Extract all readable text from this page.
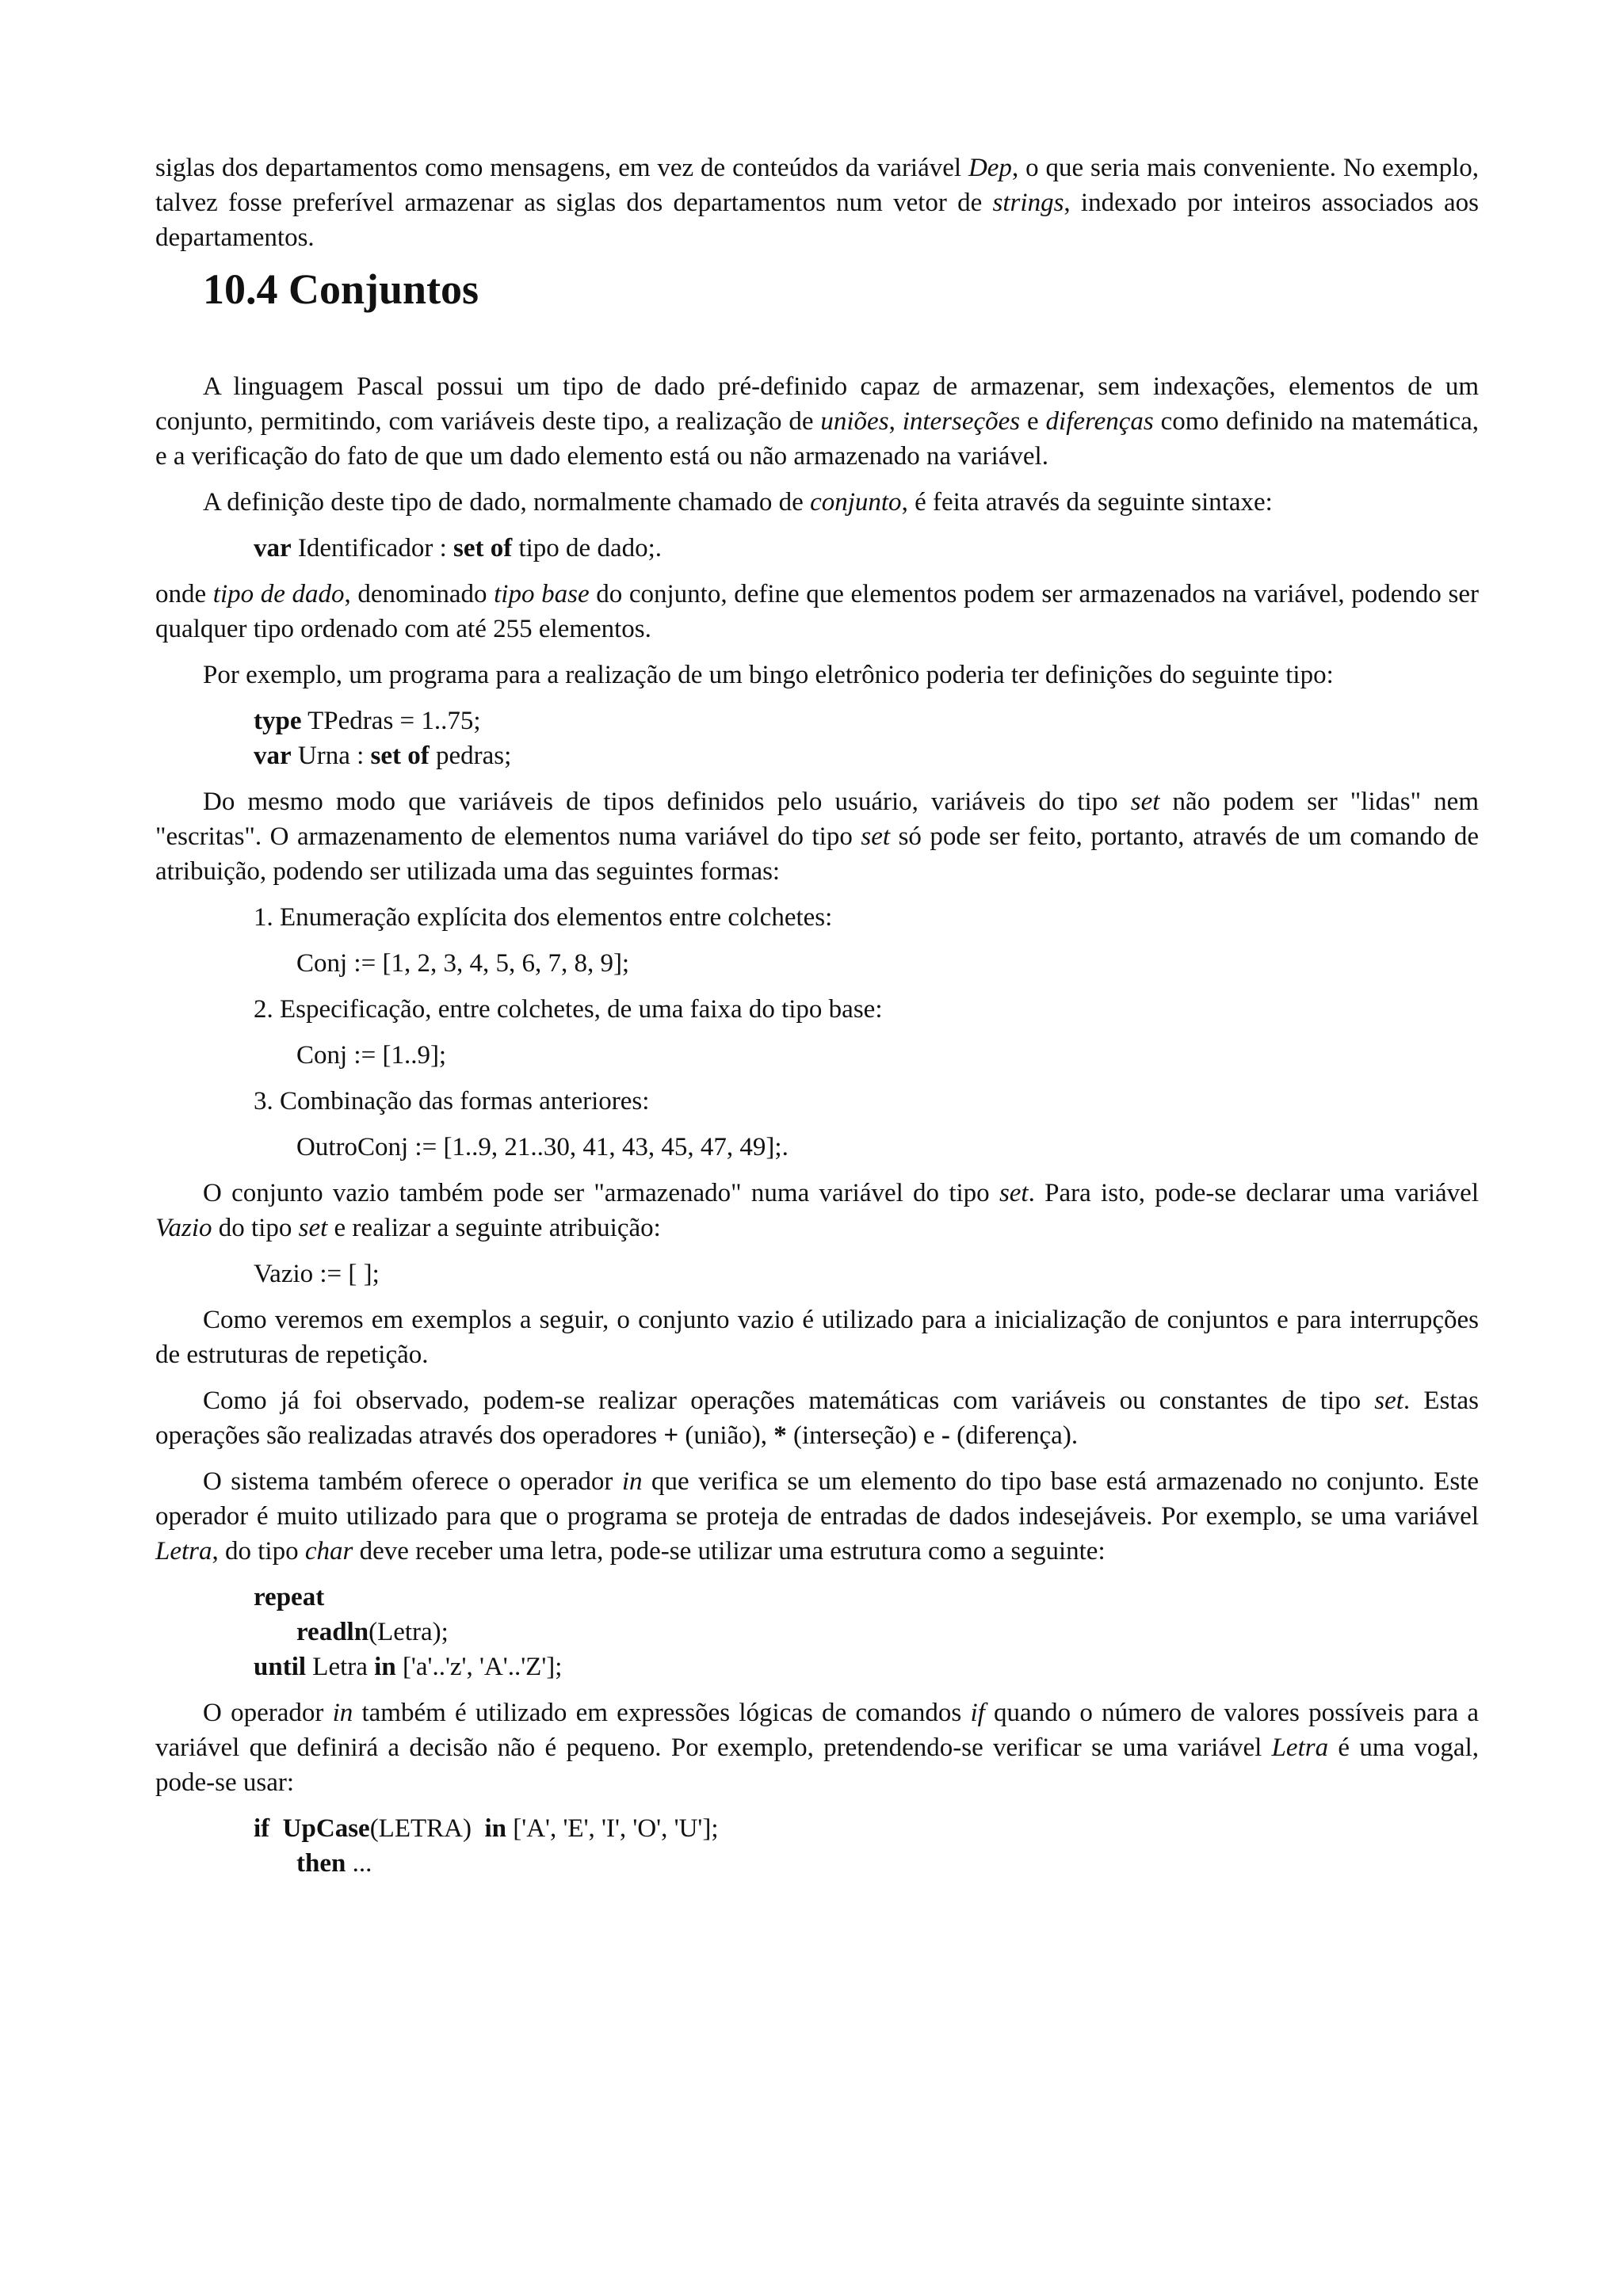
siglas dos departamentos como mensagens, em vez de conteúdos da variável Dep, o que seria mais conveniente. No exemplo, talvez fosse preferível armazenar as siglas dos departamentos num vetor de strings, indexado por inteiros associados aos departamentos.

10.4 Conjuntos

A linguagem Pascal possui um tipo de dado pré-definido capaz de armazenar, sem indexações, elementos de um conjunto, permitindo, com variáveis deste tipo, a realização de uniões, interseções e diferenças como definido na matemática, e a verificação do fato de que um dado elemento está ou não armazenado na variável.

A definição deste tipo de dado, normalmente chamado de conjunto, é feita através da seguinte sintaxe:

var Identificador : set of tipo de dado;.

onde tipo de dado, denominado tipo base do conjunto, define que elementos podem ser armazenados na variável, podendo ser qualquer tipo ordenado com até 255 elementos.

Por exemplo, um programa para a realização de um bingo eletrônico poderia ter definições do seguinte tipo:

type TPedras = 1..75;

var Urna : set of pedras;

Do mesmo modo que variáveis de tipos definidos pelo usuário, variáveis do tipo set não podem ser "lidas" nem "escritas". O armazenamento de elementos numa variável do tipo set só pode ser feito, portanto, através de um comando de atribuição, podendo ser utilizada uma das seguintes formas:

1. Enumeração explícita dos elementos entre colchetes:

Conj := [1, 2, 3, 4, 5, 6, 7, 8, 9];

2. Especificação, entre colchetes, de uma faixa do tipo base:

Conj := [1..9];

3. Combinação das formas anteriores:

OutroConj := [1..9, 21..30, 41, 43, 45, 47, 49];.

O conjunto vazio também pode ser "armazenado" numa variável do tipo set. Para isto, pode-se declarar uma variável Vazio do tipo set e realizar a seguinte atribuição:

Vazio := [ ];

Como veremos em exemplos a seguir, o conjunto vazio é utilizado para a inicialização de conjuntos e para interrupções de estruturas de repetição.

Como já foi observado, podem-se realizar operações matemáticas com variáveis ou constantes de tipo set. Estas operações são realizadas através dos operadores + (união), * (interseção) e - (diferença).

O sistema também oferece o operador in que verifica se um elemento do tipo base está armazenado no conjunto. Este operador é muito utilizado para que o programa se proteja de entradas de dados indesejáveis. Por exemplo, se uma variável Letra, do tipo char deve receber uma letra, pode-se utilizar uma estrutura como a seguinte:

repeat

readln(Letra);

until Letra in ['a'..'z', 'A'..'Z'];

O operador in também é utilizado em expressões lógicas de comandos if quando o número de valores possíveis para a variável que definirá a decisão não é pequeno. Por exemplo, pretendendo-se verificar se uma variável Letra é uma vogal, pode-se usar:

if UpCase(LETRA) in ['A', 'E', 'I', 'O', 'U'];

then ...
